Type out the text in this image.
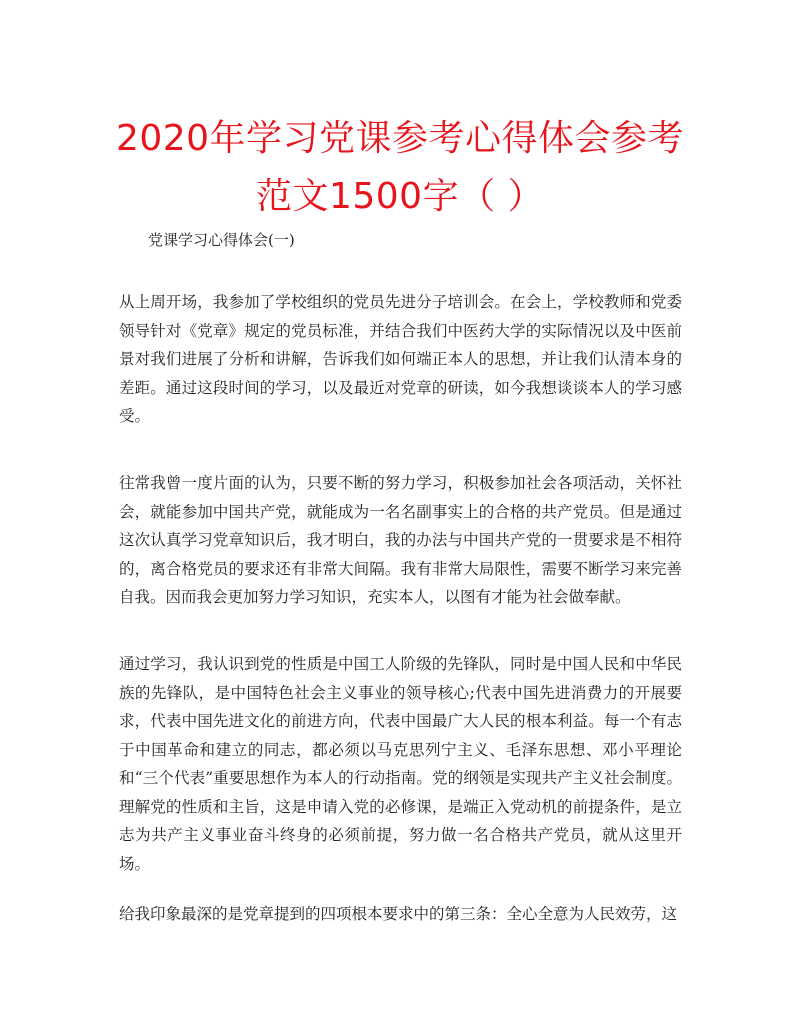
2020年学习党课参考心得体会参考范文1500字（ ）

党课学习心得体会(一)

从上周开场，我参加了学校组织的党员先进分子培训会。在会上，学校教师和党委领导针对《党章》规定的党员标准，并结合我们中医药大学的实际情况以及中医前景对我们进展了分析和讲解，告诉我们如何端正本人的思想，并让我们认清本身的差距。通过这段时间的学习，以及最近对党章的研读，如今我想谈谈本人的学习感受。

往常我曾一度片面的认为，只要不断的努力学习，积极参加社会各项活动，关怀社会，就能参加中国共产党，就能成为一名名副事实上的合格的共产党员。但是通过这次认真学习党章知识后，我才明白，我的办法与中国共产党的一贯要求是不相符的，离合格党员的要求还有非常大间隔。我有非常大局限性，需要不断学习来完善自我。因而我会更加努力学习知识，充实本人，以图有才能为社会做奉献。

通过学习，我认识到党的性质是中国工人阶级的先锋队，同时是中国人民和中华民族的先锋队，是中国特色社会主义事业的领导核心;代表中国先进消费力的开展要求，代表中国先进文化的前进方向，代表中国最广大人民的根本利益。每一个有志于中国革命和建立的同志，都必须以马克思列宁主义、毛泽东思想、邓小平理论和“三个代表”重要思想作为本人的行动指南。党的纲领是实现共产主义社会制度。理解党的性质和主旨，这是申请入党的必修课，是端正入党动机的前提条件，是立志为共产主义事业奋斗终身的必须前提，努力做一名合格共产党员，就从这里开场。

给我印象最深的是党章提到的四项根本要求中的第三条：全心全意为人民效劳，这
